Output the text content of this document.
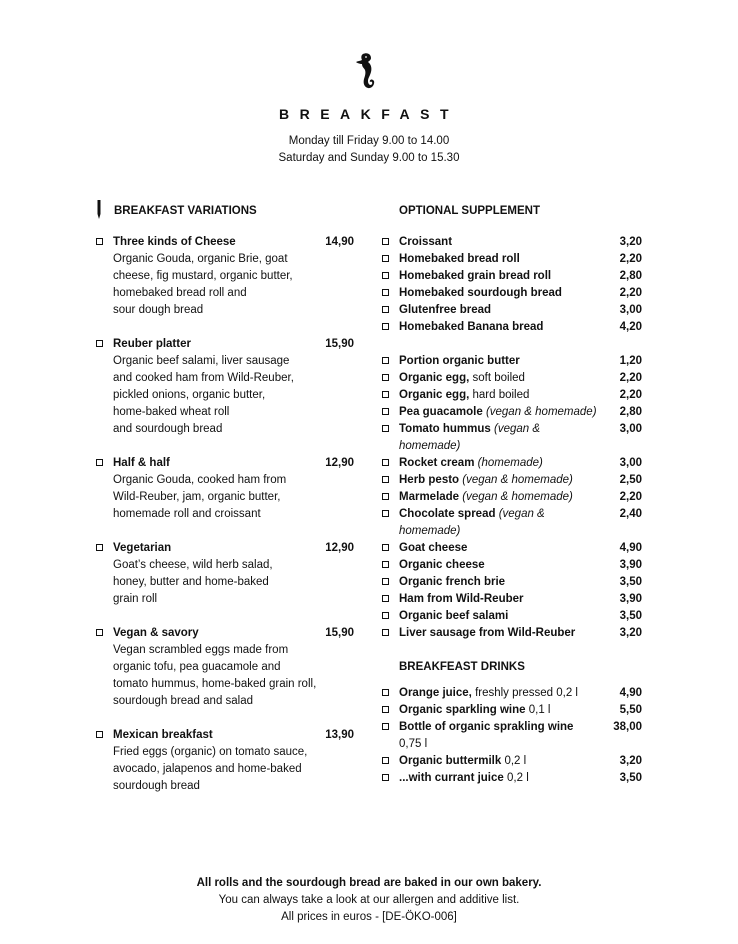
BREAKFAST
Monday till Friday 9.00 to 14.00
Saturday and Sunday 9.00 to 15.30
BREAKFAST VARIATIONS
Three kinds of Cheese	14,90
Organic Gouda, organic Brie, goat
cheese, fig mustard, organic butter,
homebaked bread roll and
sour dough bread
Reuber platter	15,90
Organic beef salami, liver sausage
and cooked ham from Wild-Reuber,
pickled onions, organic butter,
home-baked wheat roll
and sourdough bread
Half & half	12,90
Organic Gouda, cooked ham from
Wild-Reuber, jam, organic butter,
homemade roll and croissant
Vegetarian	12,90
Goat’s cheese, wild herb salad,
honey, butter and home-baked
grain roll
Vegan & savory	15,90
Vegan scrambled eggs made from
organic tofu, pea guacamole and
tomato hummus, home-baked grain roll,
sourdough bread and salad
Mexican breakfast	13,90
Fried eggs (organic) on tomato sauce,
avocado, jalapenos and home-baked
sourdough bread
OPTIONAL SUPPLEMENT
Croissant	3,20
Homebaked bread roll	2,20
Homebaked grain bread roll	2,80
Homebaked sourdough bread	2,20
Glutenfree bread	3,00
Homebaked Banana bread	4,20
Portion organic butter	1,20
Organic egg, soft boiled	2,20
Organic egg, hard boiled	2,20
Pea guacamole (vegan & homemade)	2,80
Tomato hummus (vegan & homemade)
3,00
Rocket cream (homemade)	3,00
Herb pesto (vegan & homemade)	2,50
Marmelade (vegan & homemade)	2,20
Chocolate spread (vegan & homemade)
2,40
Goat cheese	4,90
Organic cheese	3,90
Organic french brie	3,50
Ham from Wild-Reuber	3,90
Organic beef salami	3,50
Liver sausage from Wild-Reuber	3,20
BREAKFEAST DRINKS
Orange juice, freshly pressed 0,2 l	4,90
Organic sparkling wine 0,1 l	5,50
Bottle of organic sprakling wine	38,00
0,75 l
Organic buttermilk 0,2 l	3,20
...with currant juice 0,2 l	3,50
All rolls and the sourdough bread are baked in our own bakery.
You can always take a look at our allergen and additive list.
All prices in euros - [DE-ÖKO-006]
